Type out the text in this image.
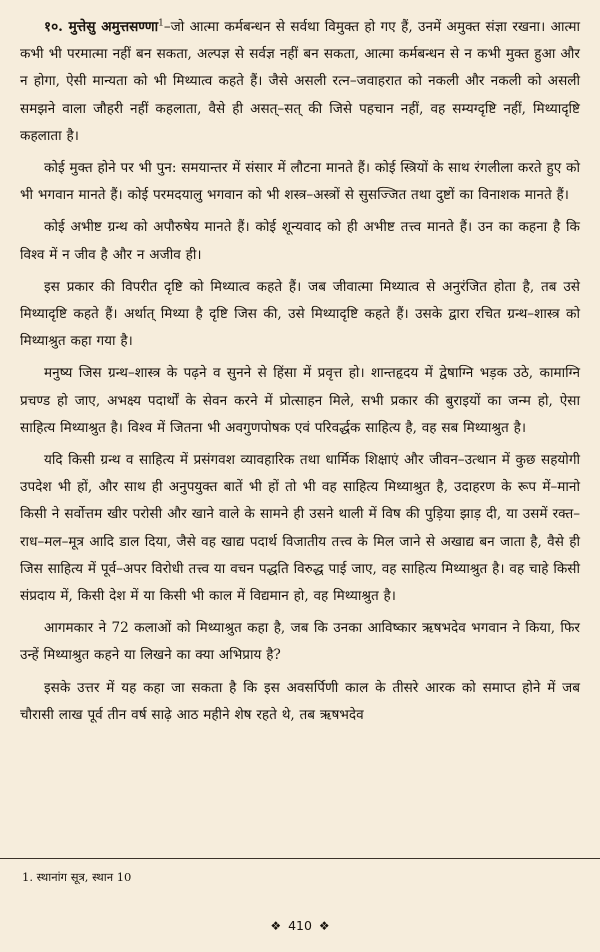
१०. मुत्तेसु अमुत्तसण्णा$^1$–जो आत्मा कर्मबन्धन से सर्वथा विमुक्त हो गए हैं, उनमें अमुक्त संज्ञा रखना। आत्मा कभी भी परमात्मा नहीं बन सकता, अल्पज्ञ से सर्वज्ञ नहीं बन सकता, आत्मा कर्मबन्धन से न कभी मुक्त हुआ और न होगा, ऐसी मान्यता को भी मिथ्यात्व कहते हैं। जैसे असली रत्न–जवाहरात को नकली और नकली को असली समझने वाला जौहरी नहीं कहलाता, वैसे ही असत्–सत् की जिसे पहचान नहीं, वह सम्यग्दृष्टि नहीं, मिथ्यादृष्टि कहलाता है।

कोई मुक्त होने पर भी पुन: समयान्तर में संसार में लौटना मानते हैं। कोई स्त्रियों के साथ रंगलीला करते हुए को भी भगवान मानते हैं। कोई परमदयालु भगवान को भी शस्त्र–अस्त्रों से सुसज्जित तथा दुष्टों का विनाशक मानते हैं।

कोई अभीष्ट ग्रन्थ को अपौरुषेय मानते हैं। कोई शून्यवाद को ही अभीष्ट तत्त्व मानते हैं। उन का कहना है कि विश्व में न जीव है और न अजीव ही।

इस प्रकार की विपरीत दृष्टि को मिथ्यात्व कहते हैं। जब जीवात्मा मिथ्यात्व से अनुरंजित होता है, तब उसे मिथ्यादृष्टि कहते हैं। अर्थात् मिथ्या है दृष्टि जिस की, उसे मिथ्यादृष्टि कहते हैं। उसके द्वारा रचित ग्रन्थ–शास्त्र को मिथ्याश्रुत कहा गया है।

मनुष्य जिस ग्रन्थ–शास्त्र के पढ़ने व सुनने से हिंसा में प्रवृत्त हो। शान्तहृदय में द्वेषाग्नि भड़क उठे, कामाग्नि प्रचण्ड हो जाए, अभक्ष्य पदार्थों के सेवन करने में प्रोत्साहन मिले, सभी प्रकार की बुराइयों का जन्म हो, ऐसा साहित्य मिथ्याश्रुत है। विश्व में जितना भी अवगुणपोषक एवं परिवर्द्धक साहित्य है, वह सब मिथ्याश्रुत है।

यदि किसी ग्रन्थ व साहित्य में प्रसंगवश व्यावहारिक तथा धार्मिक शिक्षाएं और जीवन–उत्थान में कुछ सहयोगी उपदेश भी हों, और साथ ही अनुपयुक्त बातें भी हों तो भी वह साहित्य मिथ्याश्रुत है, उदाहरण के रूप में–मानो किसी ने सर्वोत्तम खीर परोसी और खाने वाले के सामने ही उसने थाली में विष की पुड़िया झाड़ दी, या उसमें रक्त–राध–मल–मूत्र आदि डाल दिया, जैसे वह खाद्य पदार्थ विजातीय तत्त्व के मिल जाने से अखाद्य बन जाता है, वैसे ही जिस साहित्य में पूर्व–अपर विरोधी तत्त्व या वचन पद्धति विरुद्ध पाई जाए, वह साहित्य मिथ्याश्रुत है। वह चाहे किसी संप्रदाय में, किसी देश में या किसी भी काल में विद्यमान हो, वह मिथ्याश्रुत है।

आगमकार ने 72 कलाओं को मिथ्याश्रुत कहा है, जब कि उनका आविष्कार ऋषभदेव भगवान ने किया, फिर उन्हें मिथ्याश्रुत कहने या लिखने का क्या अभिप्राय है?

इसके उत्तर में यह कहा जा सकता है कि इस अवसर्पिणी काल के तीसरे आरक को समाप्त होने में जब चौरासी लाख पूर्व तीन वर्ष साढ़े आठ महीने शेष रहते थे, तब ऋषभदेव

1. स्थानांग सूत्र, स्थान 10
❖ 410 ❖
